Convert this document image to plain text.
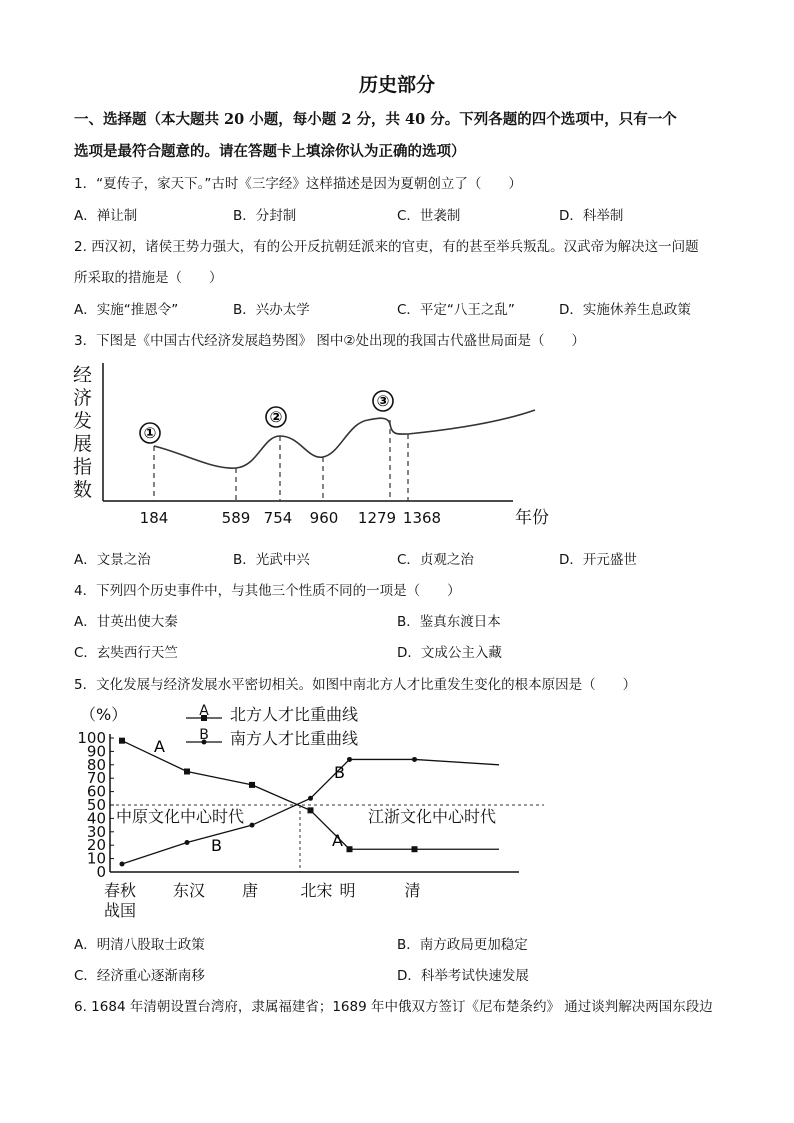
历史部分
一、选择题（本大题共 20 小题，每小题 2 分，共 40 分。下列各题的四个选项中，只有一个
选项是最符合题意的。请在答题卡上填涂你认为正确的选项）
1．“夏传子，家天下。”古时《三字经》这样描述是因为夏朝创立了（　　）
A．禅让制	B．分封制	C．世袭制	D．科举制
2. 西汉初，诸侯王势力强大，有的公开反抗朝廷派来的官吏，有的甚至举兵叛乱。汉武帝为解决这一问题
所采取的措施是（　　）
A．实施“推恩令”	B．兴办太学	C．平定“八王之乱”	D．实施休养生息政策
3．下图是《中国古代经济发展趋势图》 图中②处出现的我国古代盛世局面是（　　）
经
济
发
展
指
数
①
②
③
184	589 754 960 1279 1368	年份
A．文景之治	B．光武中兴	C．贞观之治	D．开元盛世
4．下列四个历史事件中，与其他三个性质不同的一项是（　　）
A．甘英出使大秦	B．鉴真东渡日本
C．玄奘西行天竺	D．文成公主入藏
5．文化发展与经济发展水平密切相关。如图中南北方人才比重发生变化的根本原因是（　　）
100
90
80
70
60
50
40
30
20
10
0
春秋
战国
东汉 唐	北宋 明	清
A 北方人才比重曲线
B 南方人才比重曲线
（%）
中原文化中心时代	江浙文化中心时代
A
B
B
A
A．明清八股取士政策	B．南方政局更加稳定
C．经济重心逐渐南移	D．科举考试快速发展
6. 1684 年清朝设置台湾府，隶属福建省；1689 年中俄双方签订《尼布楚条约》 通过谈判解决两国东段边
